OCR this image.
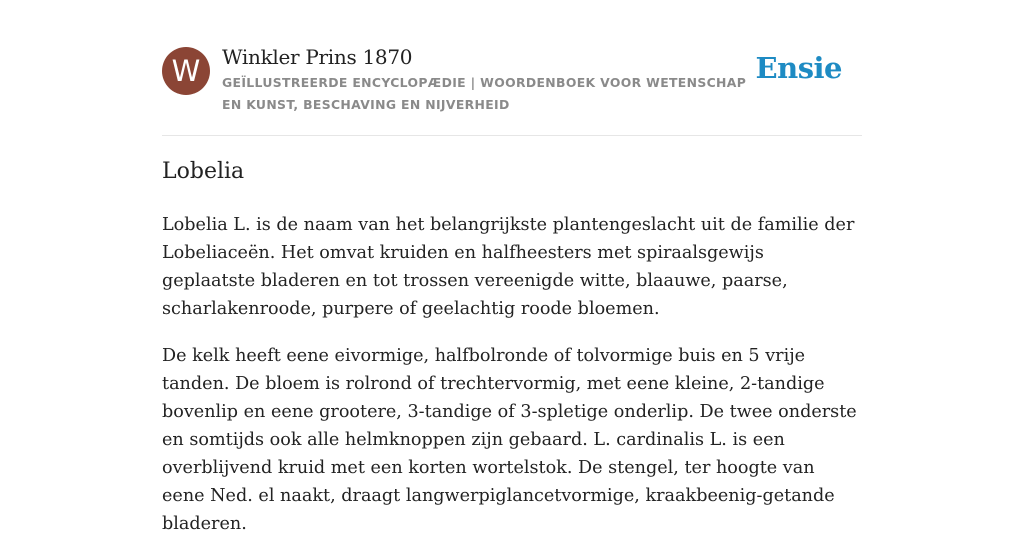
W	Winkler Prins 1870
GEÏLLUSTREERDE ENCYCLOPÆDIE | WOORDENBOEK VOOR WETENSCHAP EN KUNST, BESCHAVING EN NIJVERHEID
Ensie
Lobelia

Lobelia L. is de naam van het belangrijkste plantengeslacht uit de familie der Lobeliaceën. Het omvat kruiden en halfheesters met spiraalsgewijs geplaatste bladeren en tot trossen vereenigde witte, blaauwe, paarse, scharlakenroode, purpere of geelachtig roode bloemen.

De kelk heeft eene eivormige, halfbolronde of tolvormige buis en 5 vrije tanden. De bloem is rolrond of trechtervormig, met eene kleine, 2-tandige bovenlip en eene grootere, 3-tandige of 3-spletige onderlip. De twee onderste en somtijds ook alle helmknoppen zijn gebaard. L. cardinalis L. is een overblijvend kruid met een korten wortelstok. De stengel, ter hoogte van eene Ned. el naakt, draagt langwerpiglancetvormige, kraakbeenig-getande bladeren.
